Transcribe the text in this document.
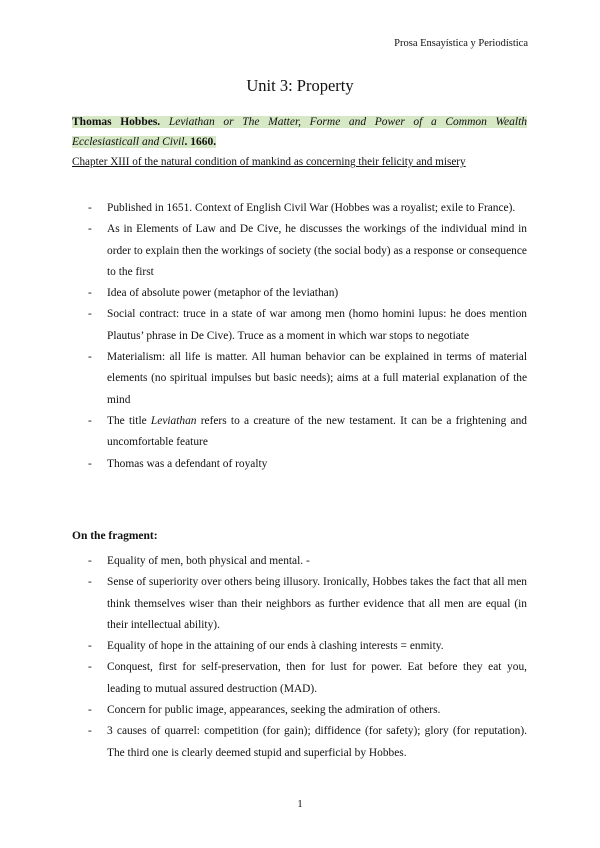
Prosa Ensayística y Periodística
Unit 3: Property
Thomas Hobbes. Leviathan or The Matter, Forme and Power of a Common Wealth Ecclesiasticall and Civil. 1660.
Chapter XIII of the natural condition of mankind as concerning their felicity and misery
- Published in 1651. Context of English Civil War (Hobbes was a royalist; exile to France).
- As in Elements of Law and De Cive, he discusses the workings of the individual mind in order to explain then the workings of society (the social body) as a response or consequence to the first
- Idea of absolute power (metaphor of the leviathan)
- Social contract: truce in a state of war among men (homo homini lupus: he does mention Plautus’ phrase in De Cive). Truce as a moment in which war stops to negotiate
- Materialism: all life is matter. All human behavior can be explained in terms of material elements (no spiritual impulses but basic needs); aims at a full material explanation of the mind
- The title Leviathan refers to a creature of the new testament. It can be a frightening and uncomfortable feature
- Thomas was a defendant of royalty
On the fragment:
- Equality of men, both physical and mental. -
- Sense of superiority over others being illusory. Ironically, Hobbes takes the fact that all men think themselves wiser than their neighbors as further evidence that all men are equal (in their intellectual ability).
- Equality of hope in the attaining of our ends à clashing interests = enmity.
- Conquest, first for self-preservation, then for lust for power. Eat before they eat you, leading to mutual assured destruction (MAD).
- Concern for public image, appearances, seeking the admiration of others.
- 3 causes of quarrel: competition (for gain); diffidence (for safety); glory (for reputation). The third one is clearly deemed stupid and superficial by Hobbes.
1
